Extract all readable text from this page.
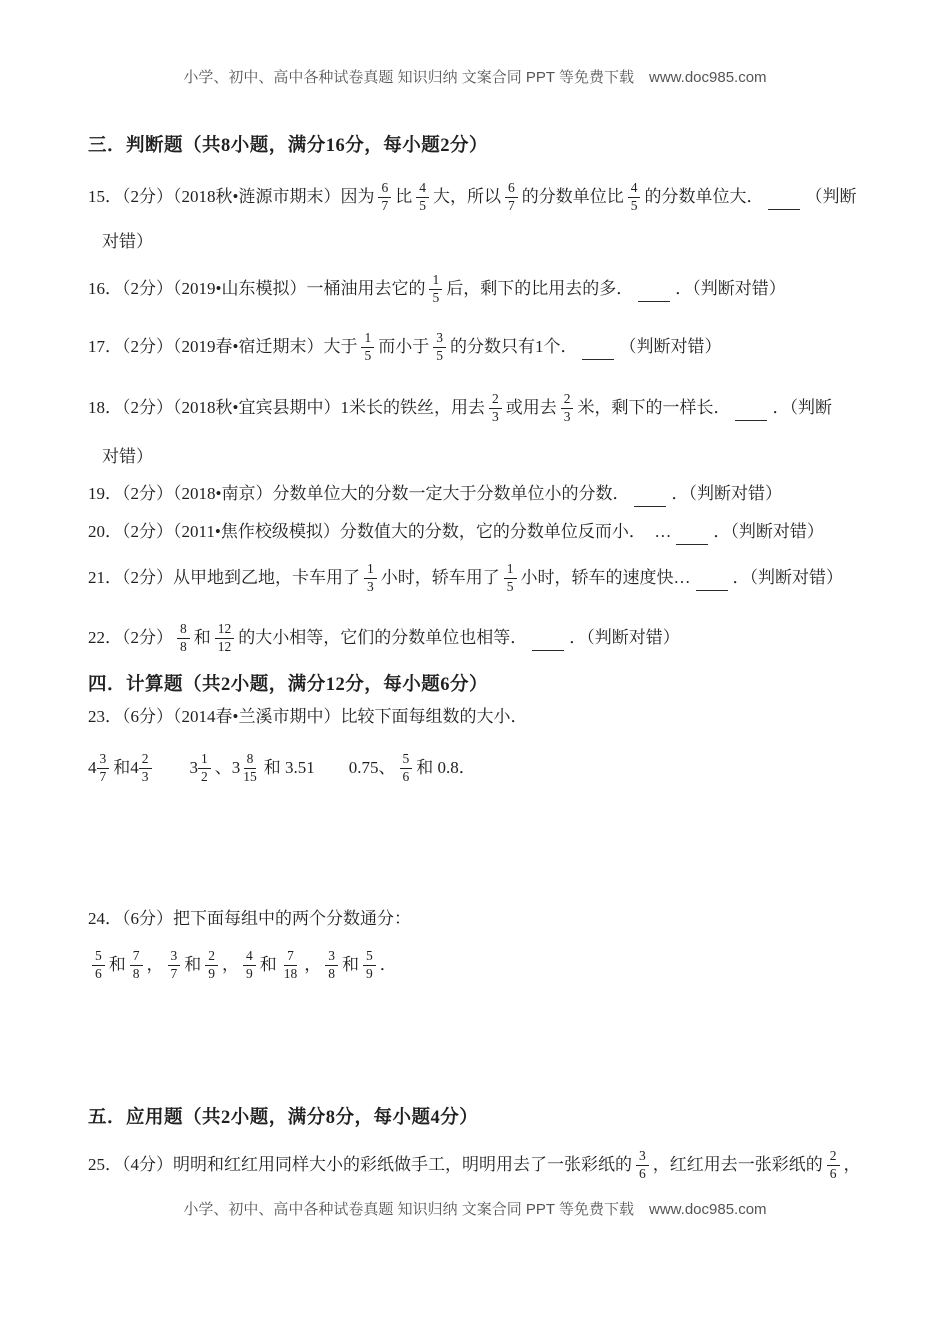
小学、初中、高中各种试卷真题 知识归纳 文案合同 PPT 等免费下载　www.doc985.com
三．判断题（共8小题，满分16分，每小题2分）
15．（2分）（2018秋•涟源市期末）因为 $\frac{6}{7}$ 比 $\frac{4}{5}$ 大，所以 $\frac{6}{7}$ 的分数单位比 $\frac{4}{5}$ 的分数单位大． （判断
对错）
16．（2分）（2019•山东模拟）一桶油用去它的 $\frac{1}{5}$ 后，剩下的比用去的多． ．（判断对错）
17．（2分）（2019春•宿迁期末）大于 $\frac{1}{5}$ 而小于 $\frac{3}{5}$ 的分数只有1个． （判断对错）
18．（2分）（2018秋•宜宾县期中）1米长的铁丝，用去 $\frac{2}{3}$ 或用去 $\frac{2}{3}$ 米，剩下的一样长． ．（判断
对错）
19．（2分）（2018•南京）分数单位大的分数一定大于分数单位小的分数． ．（判断对错）
20．（2分）（2011•焦作校级模拟）分数值大的分数，它的分数单位反而小．　… ．（判断对错）
21．（2分）从甲地到乙地，卡车用了 $\frac{1}{3}$ 小时，轿车用了 $\frac{1}{5}$ 小时，轿车的速度快… ．（判断对错）
22．（2分） $\frac{8}{8}$ 和 $\frac{12}{12}$ 的大小相等，它们的分数单位也相等． ．（判断对错）
四．计算题（共2小题，满分12分，每小题6分）
23．（6分）（2014春•兰溪市期中）比较下面每组数的大小．
$4 \frac{3}{7}$ 和 $4 \frac{2}{3}$
　　 $3 \frac{1}{2}$ 、 $3 \frac{8}{15}$ 和 3.51　　0.75、 $\frac{5}{6}$ 和 0.8．
24．（6分）把下面每组中的两个分数通分：
$\frac{5}{6}$ 和 $\frac{7}{8}$ ， $\frac{3}{7}$ 和 $\frac{2}{9}$ ， $\frac{4}{9}$ 和 $\frac{7}{18}$ ， $\frac{3}{8}$ 和 $\frac{5}{9}$ ．
五．应用题（共2小题，满分8分，每小题4分）
25．（4分）明明和红红用同样大小的彩纸做手工，明明用去了一张彩纸的 $\frac{3}{6}$ ，红红用去一张彩纸的 $\frac{2}{6}$ ，
小学、初中、高中各种试卷真题 知识归纳 文案合同 PPT 等免费下载　www.doc985.com
